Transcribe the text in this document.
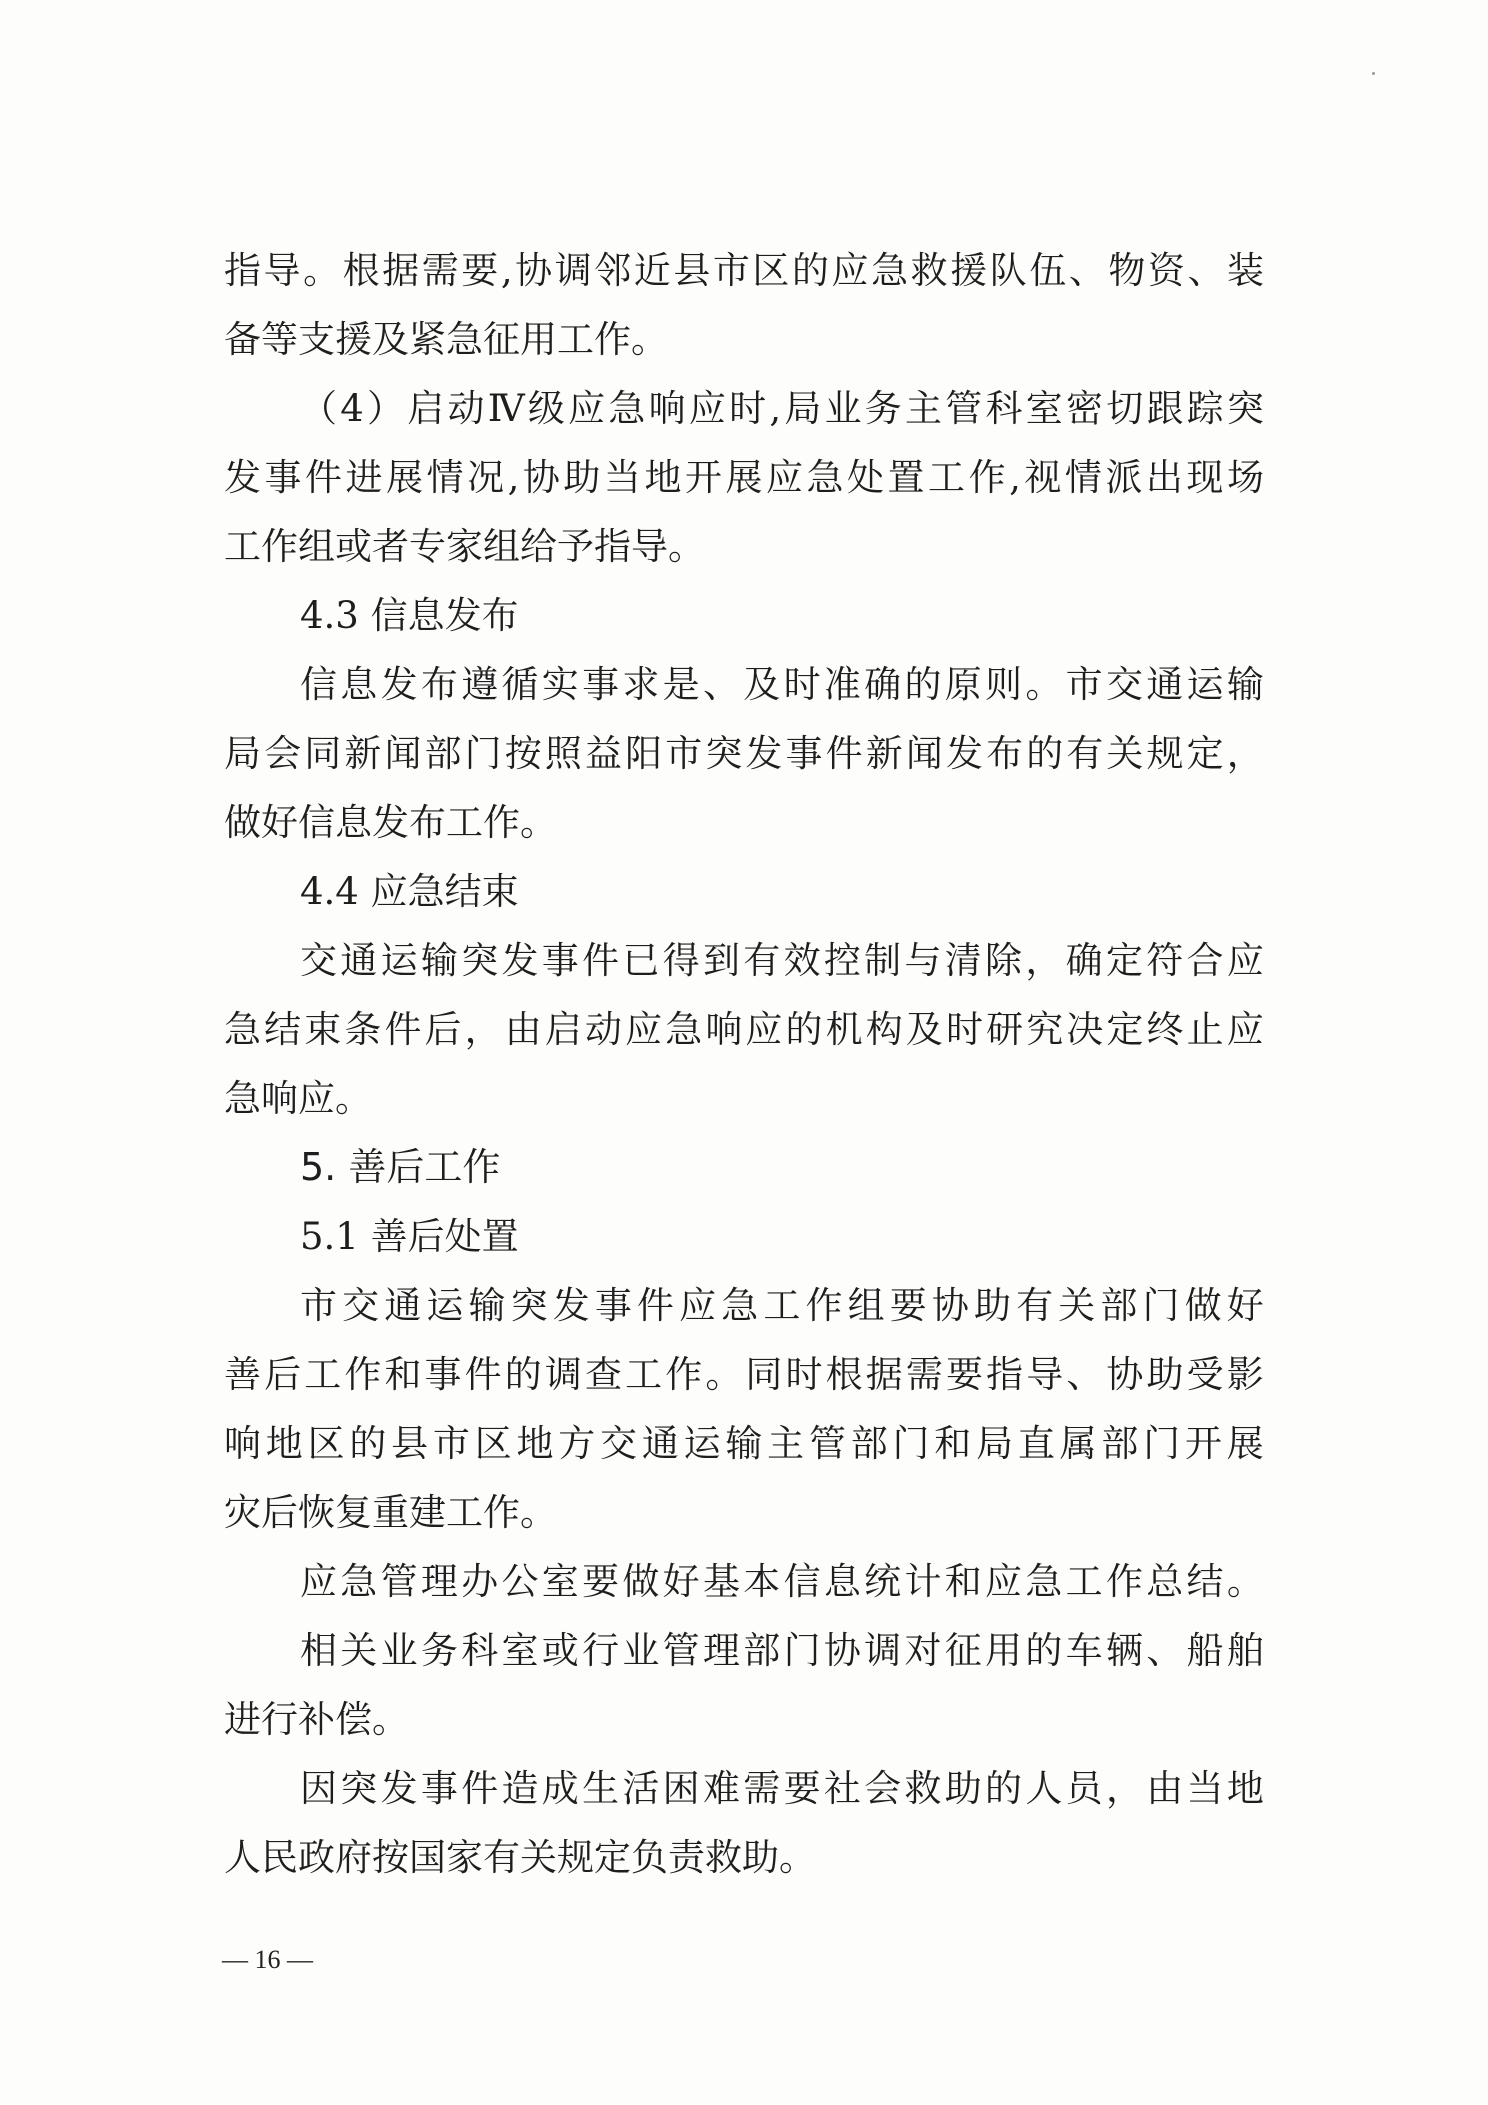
指 导 。 根 据 需 要 , 协 调 邻 近 县 市 区 的 应 急 救 援 队 伍 、 物 资 、 装
备等支援及紧急征用工作。
（ 4 ） 启 动 Ⅳ 级 应 急 响 应 时 , 局 业 务 主 管 科 室 密 切 跟 踪 突
发 事 件 进 展 情 况 , 协 助 当 地 开 展 应 急 处 置 工 作 , 视 情 派 出 现 场
工作组或者专家组给予指导。
4.3 信息发布
信 息 发 布 遵 循 实 事 求 是 、 及 时 准 确 的 原 则 。 市 交 通 运 输
局 会 同 新 闻 部 门 按 照 益 阳 市 突 发 事 件 新 闻 发 布 的 有 关 规 定 ，
做好信息发布工作。
4.4 应急结束
交 通 运 输 突 发 事 件 已 得 到 有 效 控 制 与 清 除 ， 确 定 符 合 应
急 结 束 条 件 后 ， 由 启 动 应 急 响 应 的 机 构 及 时 研 究 决 定 终 止 应
急响应。
5. 善后工作
5.1 善后处置
市 交 通 运 输 突 发 事 件 应 急 工 作 组 要 协 助 有 关 部 门 做 好
善 后 工 作 和 事 件 的 调 查 工 作 。 同 时 根 据 需 要 指 导 、 协 助 受 影
响 地 区 的 县 市 区 地 方 交 通 运 输 主 管 部 门 和 局 直 属 部 门 开 展
灾后恢复重建工作。
应 急 管 理 办 公 室 要 做 好 基 本 信 息 统 计 和 应 急 工 作 总 结 。
相 关 业 务 科 室 或 行 业 管 理 部 门 协 调 对 征 用 的 车 辆 、 船 舶
进行补偿。
因 突 发 事 件 造 成 生 活 困 难 需 要 社 会 救 助 的 人 员 ， 由 当 地
人民政府按国家有关规定负责救助。
— 16 —
